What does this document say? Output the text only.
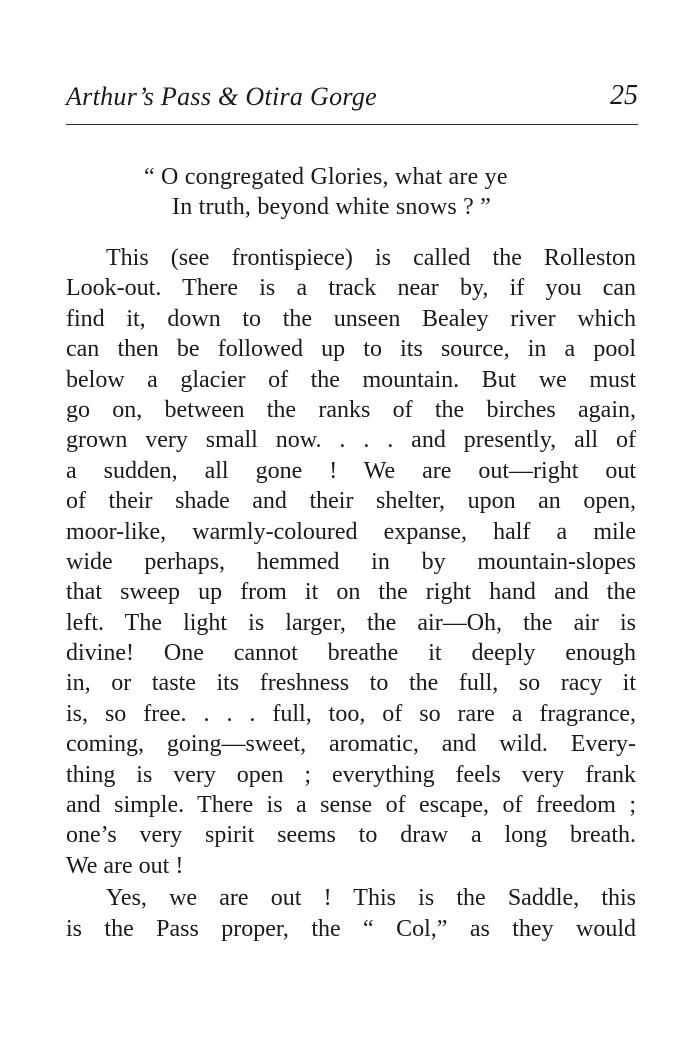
Arthur’s Pass & Otira Gorge	25
“ O congregated Glories, what are ye
In truth, beyond white snows ? ”
This (see frontispiece) is called the Rolleston
Look-out. There is a track near by, if you can
find it, down to the unseen Bealey river which
can then be followed up to its source, in a pool
below a glacier of the mountain. But we must
go on, between the ranks of the birches again,
grown very small now. . . . and presently, all of
a sudden, all gone ! We are out—right out
of their shade and their shelter, upon an open,
moor-like, warmly-coloured expanse, half a mile
wide perhaps, hemmed in by mountain-slopes
that sweep up from it on the right hand and the
left. The light is larger, the air—Oh, the air is
divine! One cannot breathe it deeply enough
in, or taste its freshness to the full, so racy it
is, so free. . . . full, too, of so rare a fragrance,
coming, going—sweet, aromatic, and wild. Every-
thing is very open ; everything feels very frank
and simple. There is a sense of escape, of freedom ;
one’s very spirit seems to draw a long breath.
We are out !
Yes, we are out ! This is the Saddle, this
is the Pass proper, the “ Col,” as they would
